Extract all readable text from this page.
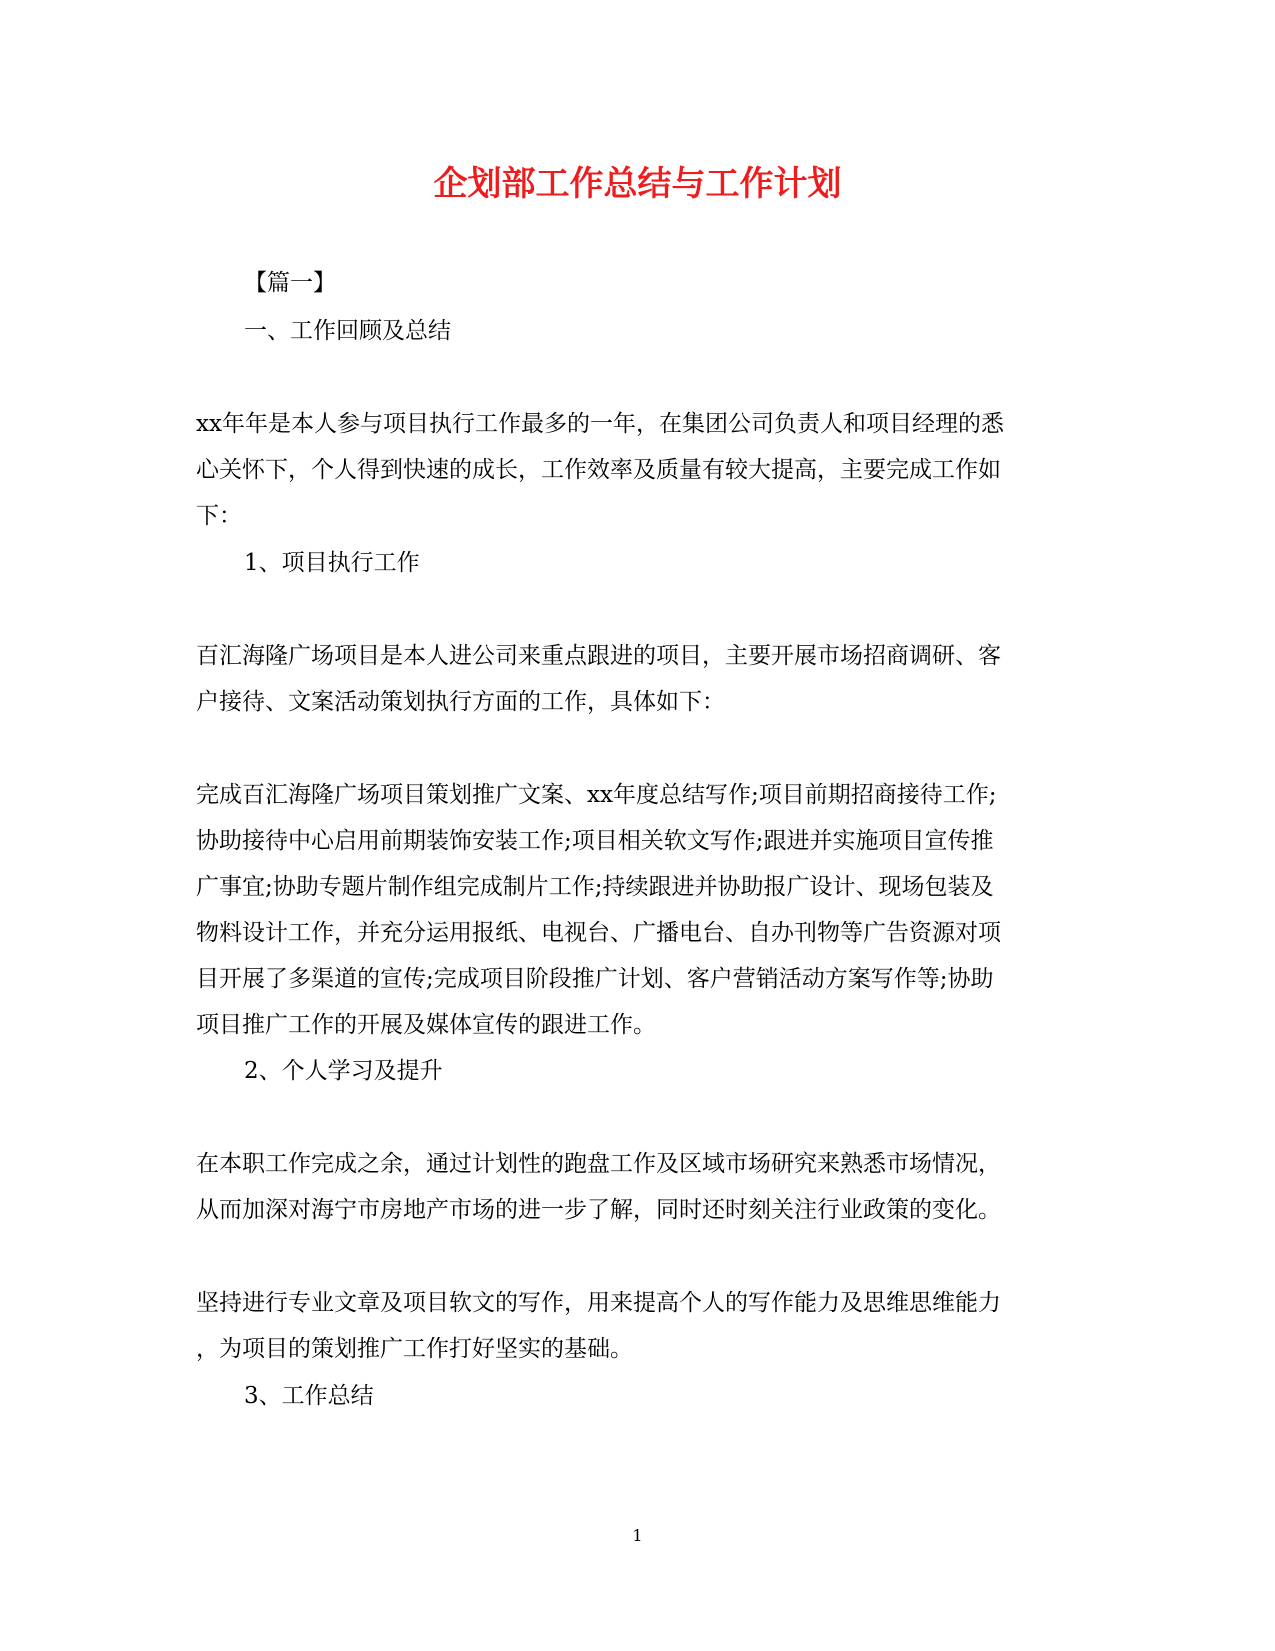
企划部工作总结与工作计划
【篇一】
一、工作回顾及总结
xx年年是本人参与项目执行工作最多的一年，在集团公司负责人和项目经理的悉
心关怀下，个人得到快速的成长，工作效率及质量有较大提高，主要完成工作如
下：
1、项目执行工作
百汇海隆广场项目是本人进公司来重点跟进的项目，主要开展市场招商调研、客
户接待、文案活动策划执行方面的工作，具体如下：
完成百汇海隆广场项目策划推广文案、xx年度总结写作;项目前期招商接待工作;
协助接待中心启用前期装饰安装工作;项目相关软文写作;跟进并实施项目宣传推
广事宜;协助专题片制作组完成制片工作;持续跟进并协助报广设计、现场包装及
物料设计工作，并充分运用报纸、电视台、广播电台、自办刊物等广告资源对项
目开展了多渠道的宣传;完成项目阶段推广计划、客户营销活动方案写作等;协助
项目推广工作的开展及媒体宣传的跟进工作。
2、个人学习及提升
在本职工作完成之余，通过计划性的跑盘工作及区域市场研究来熟悉市场情况，
从而加深对海宁市房地产市场的进一步了解，同时还时刻关注行业政策的变化。
坚持进行专业文章及项目软文的写作，用来提高个人的写作能力及思维思维能力
，为项目的策划推广工作打好坚实的基础。
3、工作总结
1
